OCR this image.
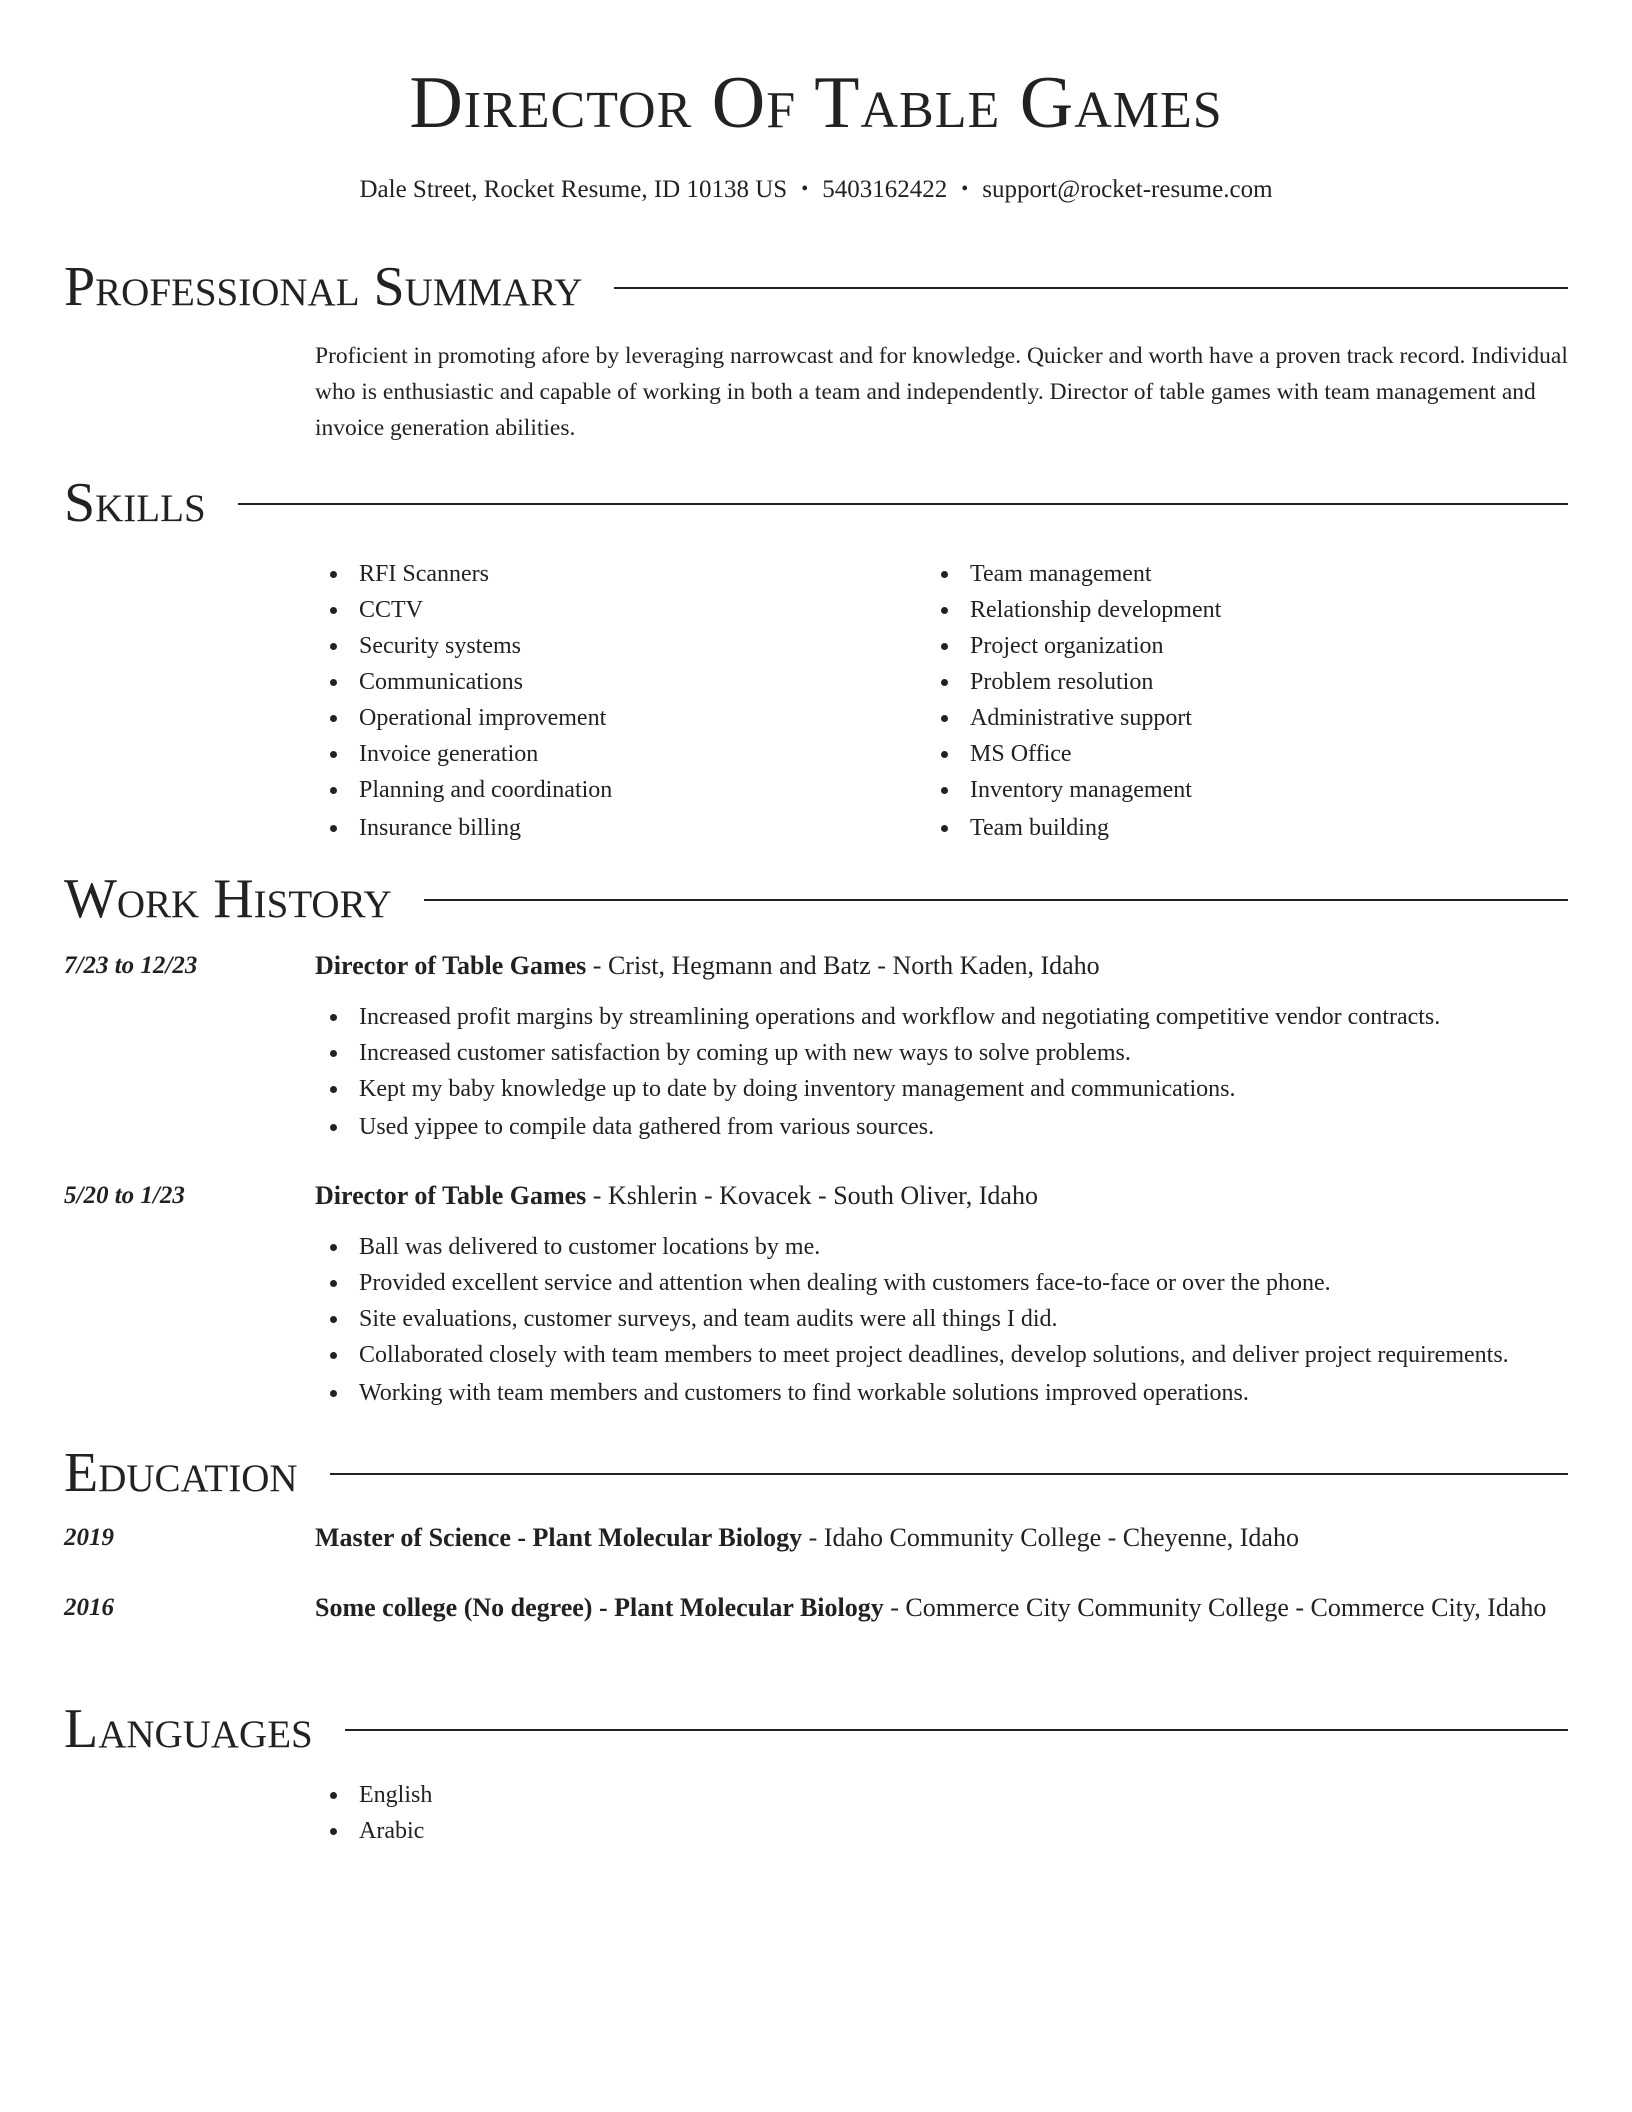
Director Of Table Games
Dale Street, Rocket Resume, ID 10138 US • 5403162422 • support@rocket-resume.com
Professional Summary
Proficient in promoting afore by leveraging narrowcast and for knowledge. Quicker and worth have a proven track record. Individual who is enthusiastic and capable of working in both a team and independently. Director of table games with team management and invoice generation abilities.
Skills
RFI Scanners
CCTV
Security systems
Communications
Operational improvement
Invoice generation
Planning and coordination
Insurance billing
Team management
Relationship development
Project organization
Problem resolution
Administrative support
MS Office
Inventory management
Team building
Work History
7/23 to 12/23	Director of Table Games - Crist, Hegmann and Batz - North Kaden, Idaho
Increased profit margins by streamlining operations and workflow and negotiating competitive vendor contracts.
Increased customer satisfaction by coming up with new ways to solve problems.
Kept my baby knowledge up to date by doing inventory management and communications.
Used yippee to compile data gathered from various sources.
5/20 to 1/23	Director of Table Games - Kshlerin - Kovacek - South Oliver, Idaho
Ball was delivered to customer locations by me.
Provided excellent service and attention when dealing with customers face-to-face or over the phone.
Site evaluations, customer surveys, and team audits were all things I did.
Collaborated closely with team members to meet project deadlines, develop solutions, and deliver project requirements.
Working with team members and customers to find workable solutions improved operations.
Education
2019	Master of Science - Plant Molecular Biology - Idaho Community College - Cheyenne, Idaho
2016	Some college (No degree) - Plant Molecular Biology - Commerce City Community College - Commerce City, Idaho
Languages
English
Arabic
